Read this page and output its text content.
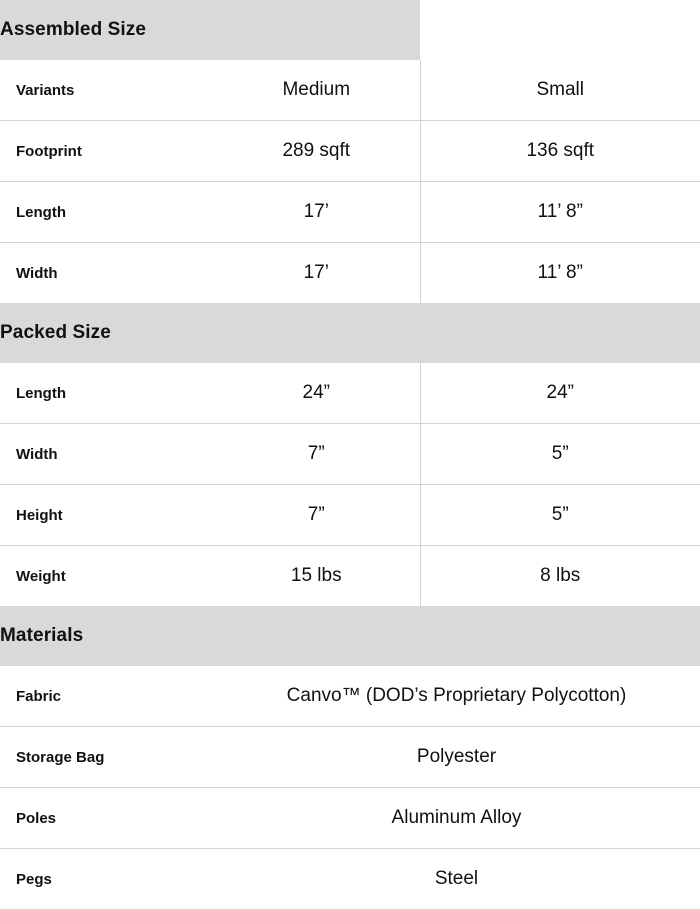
Assembled Size		
Variants	Medium	Small
Footprint	289 sqft	136 sqft
Length	17’	11’ 8”
Width	17’	11’ 8”
Packed Size		
Length	24”	24”
Width	7”	5”
Height	7”	5”
Weight	15 lbs	8 lbs
Materials		
Fabric	Canvo™ (DOD’s Proprietary Polycotton)	
Storage Bag	Polyester	
Poles	Aluminum Alloy	
Pegs	Steel	
